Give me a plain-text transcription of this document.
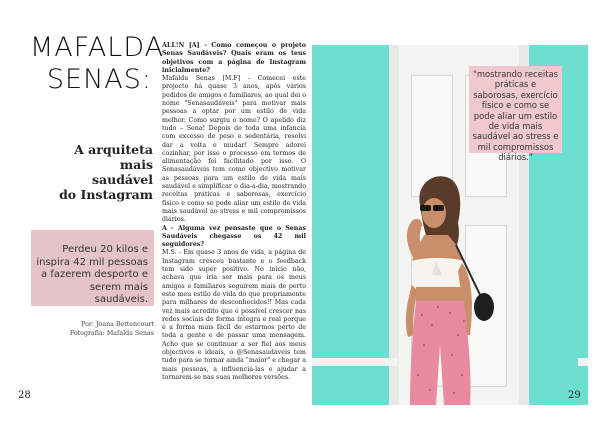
MAFALDA
SENAS:
A arquiteta mais
saudável
do Instagram
Perdeu 20 kilos e inspira 42 mil pessoas a fazerem desporto e serem mais saudáveis.
Por: Joana Bettencourt
Fotografia: Mafalda Senas
28

ALL!N [A] - Como começou o projeto Senas Saudáveis? Quais eram os teus objetivos com a página de Instagram inicialmente?

Mafalda Senas [M.F] - Comecei este projecto há quase 3 anos, após vários pedidos de amigos e familiares, ao qual dei o nome "Senasaudáveis" para motivar mais pessoas a optar por um estilo de vida melhor. Como surgiu o nome? O apelido diz tudo – Sena! Depois de toda uma infancia com excesso de peso e sedentária, resolvi dar a volta e mudar! Sempre adorei cozinhar, por isso o processo em termos de alimentação foi facilitado por isso. O Senasaudáveis tem como objectivo motivar as pessoas para um estilo de vida mais saudável e simplificar o dia-a-dia, mostrando receitas práticas e saborosas, exercício físico e como se pode aliar um estilo de vida mais saudável ao stress e mil compromissos diários.

A - Alguma vez pensaste que o Senas Saudáveis chegasse os 42 mil seguidores?

M.S. - Em quase 3 anos de vida, a página de Instagram cresceu bastante e o feedback tem sido super positivo. No início não, achava que iria ser mais para os meus amigos e familiares seguirem mais de perto este meu estilo de vida do que propriamente para milhares de desconhecidos!! Mas cada vez mais acredito que é possível crescer nas redes sociais de forma íntegra e real porque é a forma mais fácil de estarmos perto de toda a gente e de passar uma mensagem. Acho que se continuar a ser fiel aos meus objectivos e ideais, o @Senasaudáveis tem tudo para se tornar ainda "maior" e chegar a mais pessoas, a influenciá-las e ajudar a tornarem-se nas suas melhores versões.

"mostrando receitas práticas e saborosas, exercício físico e como se pode aliar um estilo de vida mais saudável ao stress e mil compromissos diários."
29
